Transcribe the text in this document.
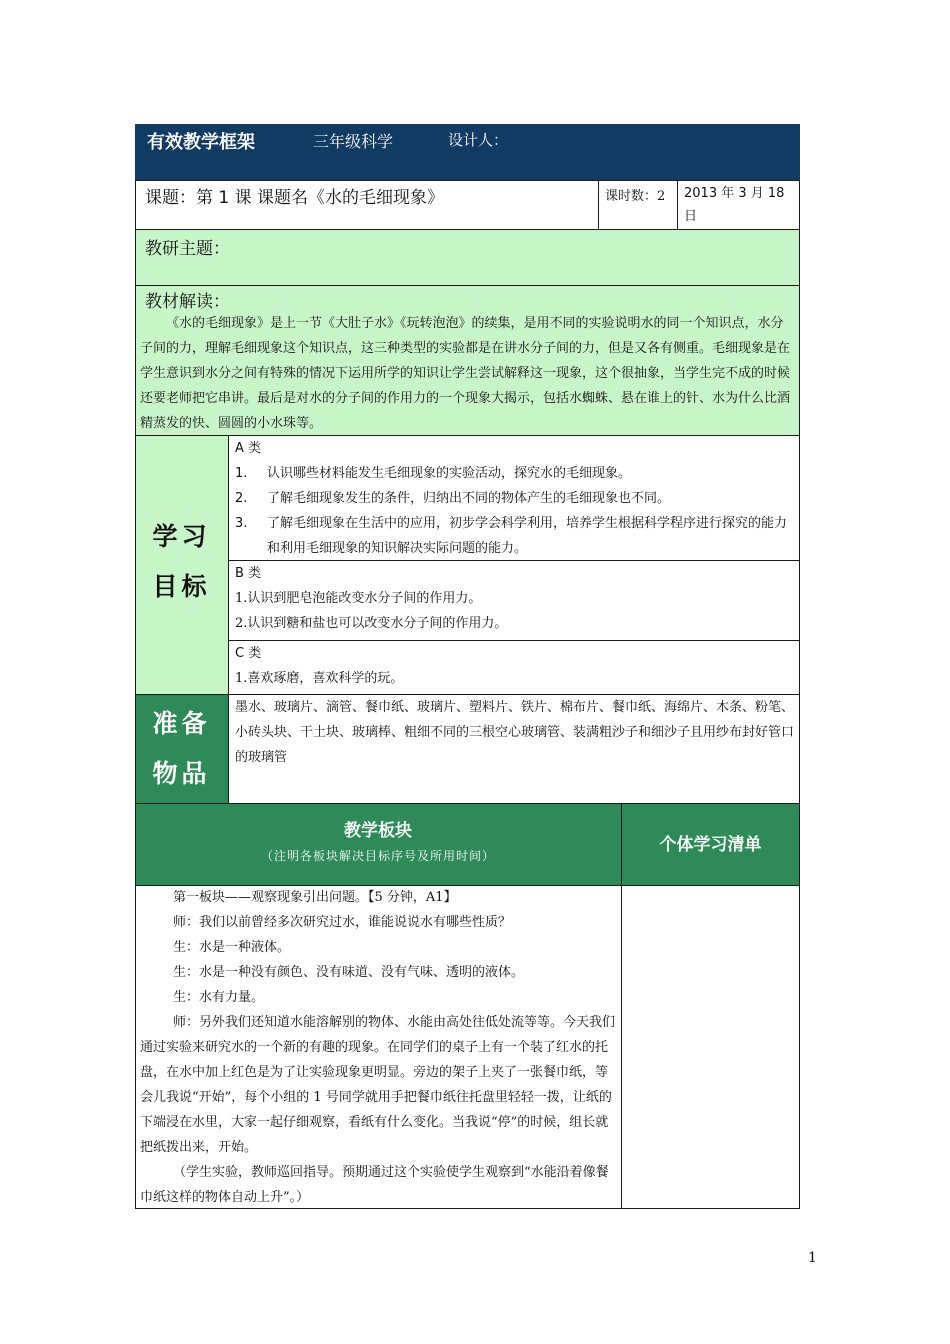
有效教学框架	三年级科学	设计人：
课题：第 1 课 课题名《水的毛细现象》	课时数：2	2013 年 3 月 18 日
教研主题：
教材解读：
《水的毛细现象》是上一节《大肚子水》《玩转泡泡》的续集，是用不同的实验说明水的同一个知识点，水分子间的力，理解毛细现象这个知识点，这三种类型的实验都是在讲水分子间的力，但是又各有侧重。毛细现象是在学生意识到水分之间有特殊的情况下运用所学的知识让学生尝试解释这一现象，这个很抽象，当学生完不成的时候还要老师把它串讲。最后是对水的分子间的作用力的一个现象大揭示，包括水蜘蛛、悬在谁上的针、水为什么比酒精蒸发的快、圆圆的小水珠等。
学习
目标

A 类

1. 认识哪些材料能发生毛细现象的实验活动，探究水的毛细现象。
2. 了解毛细现象发生的条件，归纳出不同的物体产生的毛细现象也不同。
3.	了解毛细现象在生活中的应用，初步学会科学利用，培养学生根据科学程序进行探究的能力和利用毛细现象的知识解决实际问题的能力。

B 类

1.认识到肥皂泡能改变水分子间的作用力。

2.认识到糖和盐也可以改变水分子间的作用力。

C 类

1.喜欢琢磨，喜欢科学的玩。

准备
物品
墨水、玻璃片、滴管、餐巾纸、玻璃片、塑料片、铁片、棉布片、餐巾纸、海绵片、木条、粉笔、小砖头块、干土块、玻璃棒、粗细不同的三根空心玻璃管、装满粗沙子和细沙子且用纱布封好管口的玻璃管
教学板块
（注明各板块解决目标序号及所用时间）
个体学习清单

第一板块——观察现象引出问题。【5 分钟，A1】

师：我们以前曾经多次研究过水，谁能说说水有哪些性质？

生：水是一种液体。

生：水是一种没有颜色、没有味道、没有气味、透明的液体。

生：水有力量。

师：另外我们还知道水能溶解别的物体、水能由高处往低处流等等。今天我们通过实验来研究水的一个新的有趣的现象。在同学们的桌子上有一个装了红水的托盘，在水中加上红色是为了让实验现象更明显。旁边的架子上夹了一张餐巾纸，等会儿我说“开始”，每个小组的 1 号同学就用手把餐巾纸往托盘里轻轻一拨，让纸的下端浸在水里，大家一起仔细观察，看纸有什么变化。当我说“停”的时候，组长就把纸拨出来，开始。

（学生实验，教师巡回指导。预期通过这个实验使学生观察到“水能沿着像餐巾纸这样的物体自动上升”。）

1
